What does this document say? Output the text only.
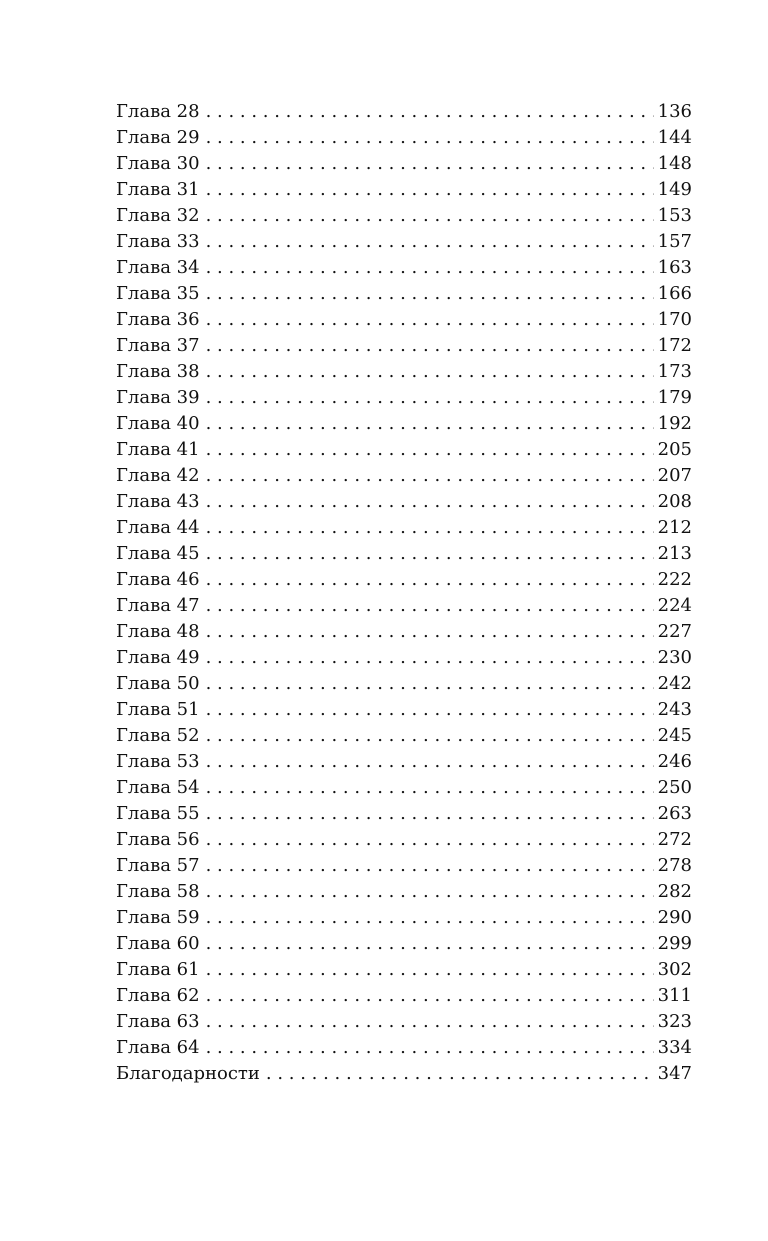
Глава 28 . . .	136
Глава 29 . . .	144
Глава 30 . . .	148
Глава 31 . . .	149
Глава 32 . . .	153
Глава 33 . . .	157
Глава 34 . . .	163
Глава 35 . . .	166
Глава 36 . . .	170
Глава 37 . . .	172
Глава 38 . . .	173
Глава 39 . . .	179
Глава 40 . . .	192
Глава 41 . . .	205
Глава 42 . . .	207
Глава 43 . . .	208
Глава 44 . . .	212
Глава 45 . . .	213
Глава 46 . . .	222
Глава 47 . . .	224
Глава 48 . . .	227
Глава 49 . . .	230
Глава 50 . . .	242
Глава 51 . . .	243
Глава 52 . . .	245
Глава 53 . . .	246
Глава 54 . . .	250
Глава 55 . . .	263
Глава 56 . . .	272
Глава 57 . . .	278
Глава 58 . . .	282
Глава 59 . . .	290
Глава 60 . . .	299
Глава 61 . . .	302
Глава 62 . . .	311
Глава 63 . . .	323
Глава 64 . . .	334
Благодарности . . .	347
